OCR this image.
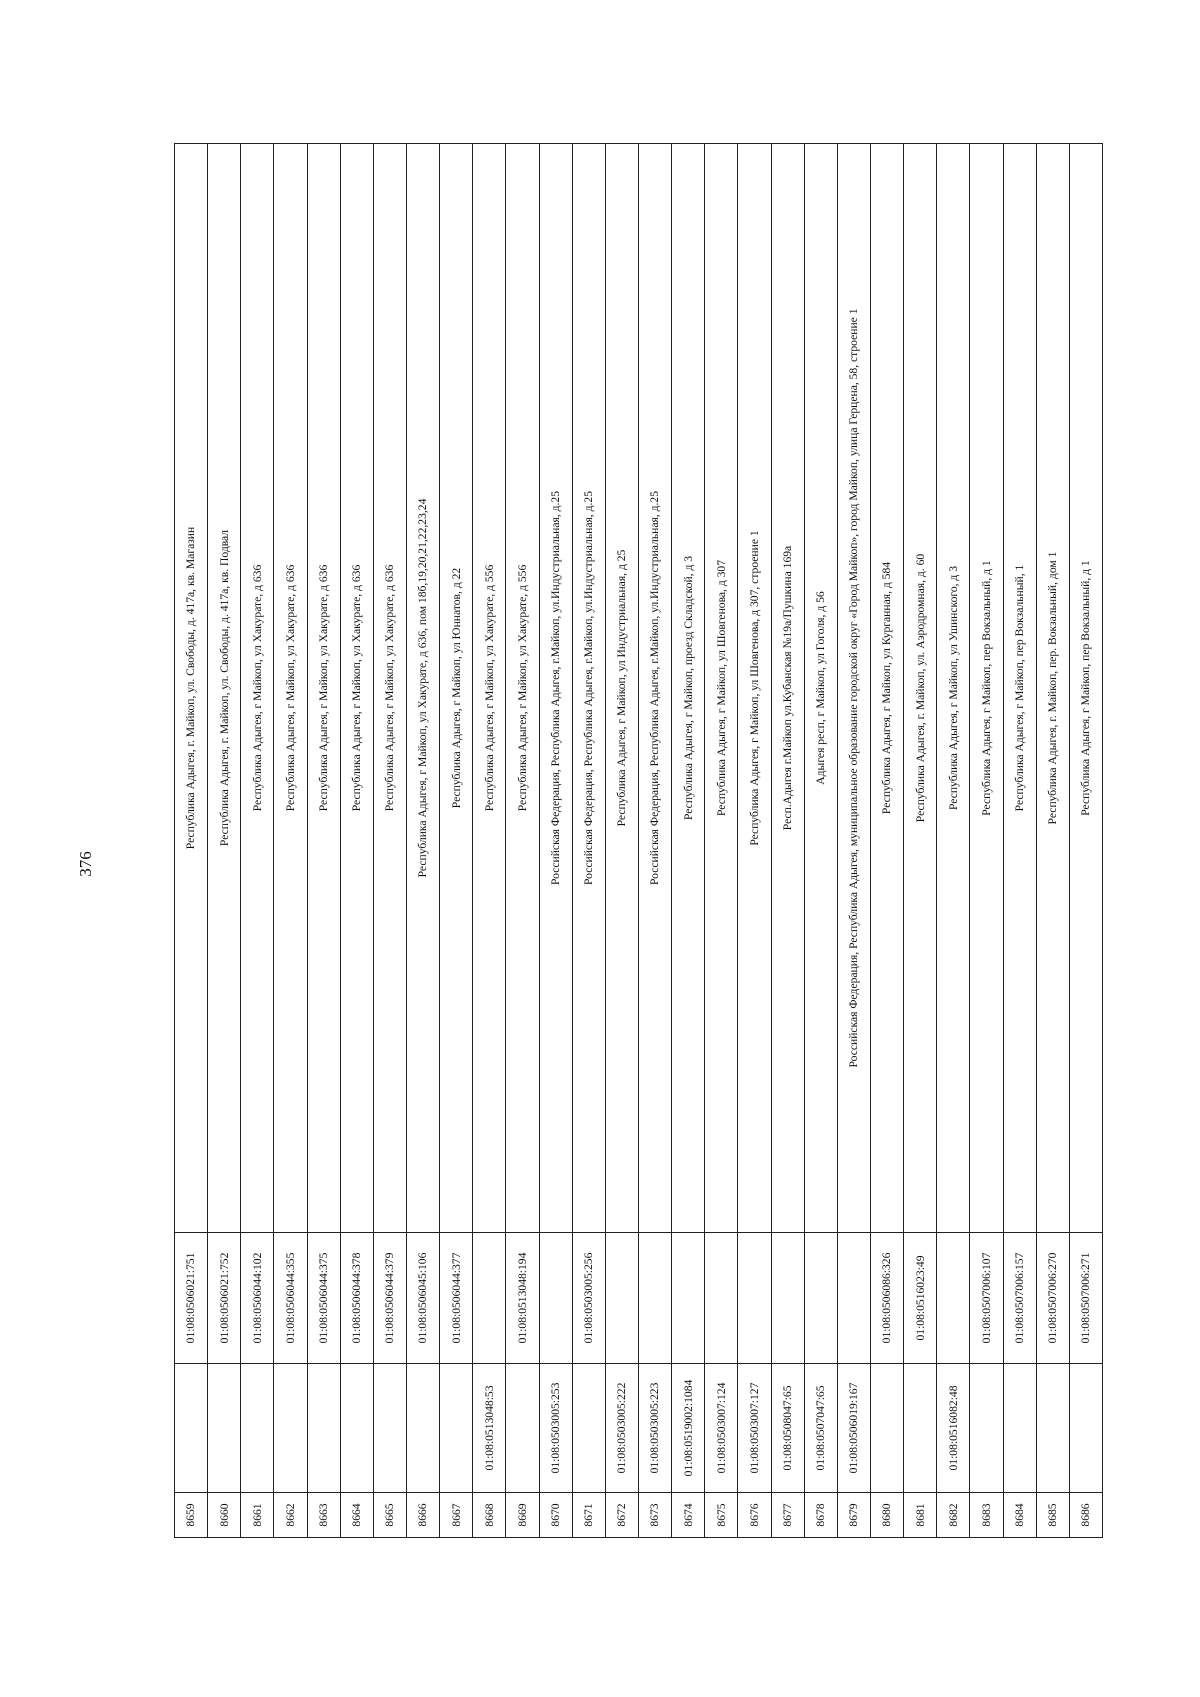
376
8659		01:08:0506021:751	Республика Адыгея, г. Майкоп, ул. Свободы, д. 417а, кв. Магазин
8660		01:08:0506021:752	Республика Адыгея, г. Майкоп, ул. Свободы, д. 417а, кв. Подвал
8661		01:08:0506044:102	Республика Адыгея, г Майкоп, ул Хакурате, д 636
8662		01:08:0506044:355	Республика Адыгея, г Майкоп, ул Хакурате, д 636
8663		01:08:0506044:375	Республика Адыгея, г Майкоп, ул Хакурате, д 636
8664		01:08:0506044:378	Республика Адыгея, г Майкоп, ул Хакурате, д 636
8665		01:08:0506044:379	Республика Адыгея, г Майкоп, ул Хакурате, д 636
8666		01:08:0506045:106	Республика Адыгея, г Майкоп, ул Хакурате, д 636, пом 18б,19,20,21,22,23,24
8667		01:08:0506044:377	Республика Адыгея, г Майкоп, ул Юннатов, д 22
8668	01:08:0513048:53		Республика Адыгея, г Майкоп, ул Хакурате, д 556
8669		01:08:0513048:194	Республика Адыгея, г Майкоп, ул Хакурате, д 556
8670	01:08:0503005:253		Российская Федерация, Республика Адыгея, г.Майкоп, ул.Индустриальная, д.25
8671		01:08:0503005:256	Российская Федерация, Республика Адыгея, г.Майкоп, ул.Индустриальная, д.25
8672	01:08:0503005:222		Республика Адыгея, г Майкоп, ул Индустриальная, д 25
8673	01:08:0503005:223		Российская Федерация, Республика Адыгея, г.Майкоп, ул.Индустриальная, д.25
8674	01:08:0519002:1084		Республика Адыгея, г Майкоп, проезд Складской, д 3
8675	01:08:0503007:124		Республика Адыгея, г Майкоп, ул Шовгенова, д 307
8676	01:08:0503007:127		Республика Адыгея, г Майкоп, ул Шовгенова, д 307, строение 1
8677	01:08:0508047:65		Респ.Адыгея г.Майкоп ул.Кубанская №19а/Пушкина 169а
8678	01:08:0507047:65		Адыгея респ, г Майкоп, ул Гоголя, д 56
8679	01:08:0506019:167		Российская Федерация, Республика Адыгея, муниципальное образование городской округ «Город Майкоп», город Майкоп, улица Герцена, 58, строение 1
8680		01:08:0506086:326	Республика Адыгея, г Майкоп, ул Курганная, д 584
8681		01:08:0516023:49	Республика Адыгея, г. Майкоп, ул. Аэродромная, д. 60
8682	01:08:0516082:48		Республика Адыгея, г Майкоп, ул Ушинского, д 3
8683		01:08:0507006:107	Республика Адыгея, г Майкоп, пер Вокзальный, д 1
8684		01:08:0507006:157	Республика Адыгея, г Майкоп, пер Вокзальный, 1
8685		01:08:0507006:270	Республика Адыгея, г. Майкоп, пер. Вокзальный, дом 1
8686		01:08:0507006:271	Республика Адыгея, г Майкоп, пер Вокзальный, д 1
